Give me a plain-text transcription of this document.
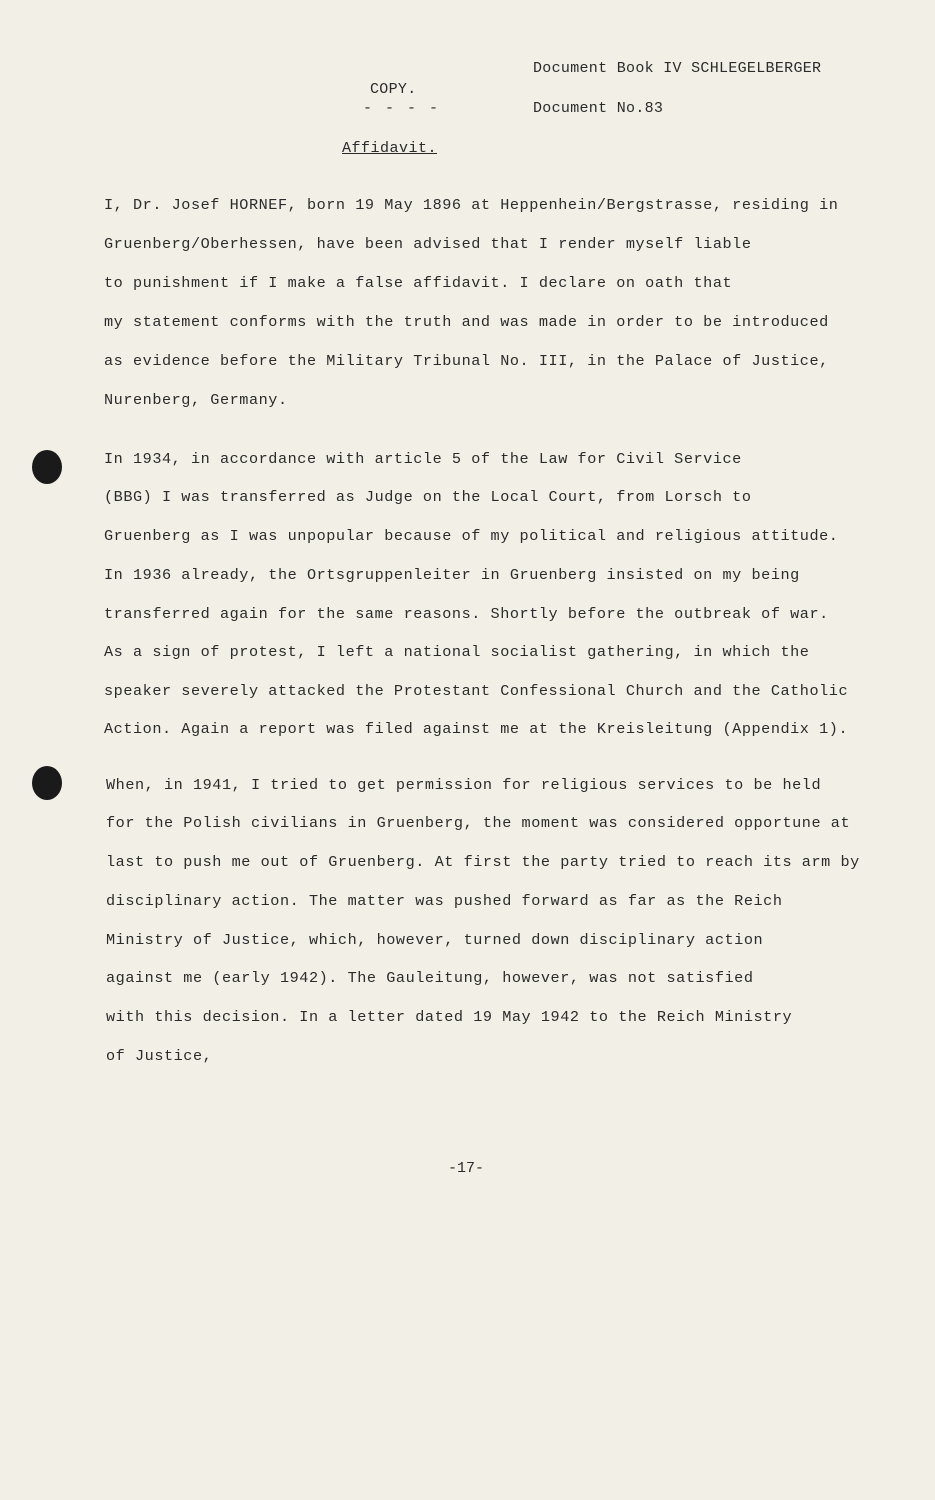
Document Book IV SCHLEGELBERGER
COPY.
- - - -	Document No.83
Affidavit.
I, Dr. Josef HORNEF, born 19 May 1896 at Heppenhein/Bergstrasse, residing in
Gruenberg/Oberhessen, have been advised that I render myself liable
to punishment if I make a false affidavit. I declare on oath that
my statement conforms with the truth and was made in order to be introduced
as evidence before the Military Tribunal No. III, in the Palace of Justice,
Nurenberg, Germany.
In 1934, in accordance with article 5 of the Law for Civil Service
(BBG) I was transferred as Judge on the Local Court, from Lorsch to
Gruenberg as I was unpopular because of my political and religious attitude.
In 1936 already, the Ortsgruppenleiter in Gruenberg insisted on my being
transferred again for the same reasons. Shortly before the outbreak of war.
As a sign of protest, I left a national socialist gathering, in which the
speaker severely attacked the Protestant Confessional Church and the Catholic
Action. Again a report was filed against me at the Kreisleitung (Appendix 1).
When, in 1941, I tried to get permission for religious services to be held
for the Polish civilians in Gruenberg, the moment was considered opportune at
last to push me out of Gruenberg. At first the party tried to reach its arm by
disciplinary action. The matter was pushed forward as far as the Reich
Ministry of Justice, which, however, turned down disciplinary action
against me (early 1942). The Gauleitung, however, was not satisfied
with this decision. In a letter dated 19 May 1942 to the Reich Ministry
of Justice,
-17-
